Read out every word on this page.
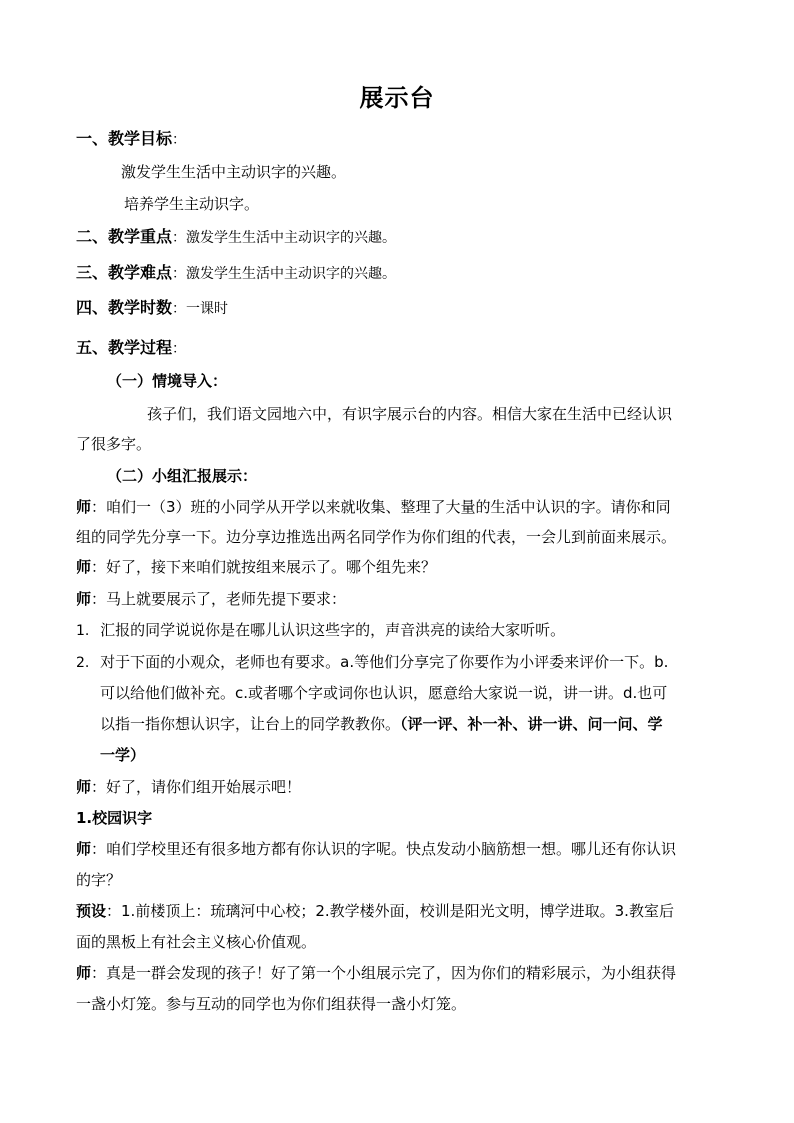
展示台
一、教学目标：
激发学生生活中主动识字的兴趣。
培养学生主动识字。
二、教学重点：激发学生生活中主动识字的兴趣。
三、教学难点：激发学生生活中主动识字的兴趣。
四、教学时数：一课时
五、教学过程：
（一）情境导入：
孩子们，我们语文园地六中，有识字展示台的内容。相信大家在生活中已经认识
了很多字。
（二）小组汇报展示：
师：咱们一（3）班的小同学从开学以来就收集、整理了大量的生活中认识的字。请你和同
组的同学先分享一下。边分享边推选出两名同学作为你们组的代表，一会儿到前面来展示。
师：好了，接下来咱们就按组来展示了。哪个组先来？
师：马上就要展示了，老师先提下要求：
1. 汇报的同学说说你是在哪儿认识这些字的，声音洪亮的读给大家听听。
2. 对于下面的小观众，老师也有要求。a.等他们分享完了你要作为小评委来评价一下。b.
可以给他们做补充。c.或者哪个字或词你也认识，愿意给大家说一说，讲一讲。d.也可
以指一指你想认识字，让台上的同学教教你。（评一评、补一补、讲一讲、问一问、学
一学）
师：好了，请你们组开始展示吧！
1.校园识字
师：咱们学校里还有很多地方都有你认识的字呢。快点发动小脑筋想一想。哪儿还有你认识
的字？
预设：1.前楼顶上：琉璃河中心校；2.教学楼外面，校训是阳光文明，博学进取。3.教室后
面的黑板上有社会主义核心价值观。
师：真是一群会发现的孩子！好了第一个小组展示完了，因为你们的精彩展示，为小组获得
一盏小灯笼。参与互动的同学也为你们组获得一盏小灯笼。
